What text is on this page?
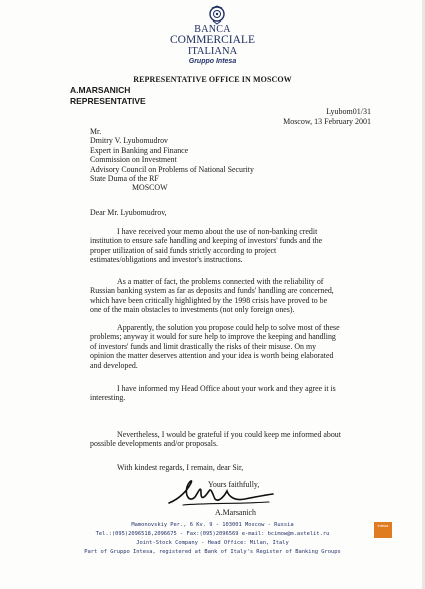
BANCA
COMMERCIALE
ITALIANA
Gruppo Intesa
REPRESENTATIVE OFFICE IN MOSCOW
A.MARSANICH
REPRESENTATIVE
Lyubom01/31
Moscow, 13 February 2001
Mr.
Dmitry V. Lyubomudrov
Expert in Banking and Finance
Commission on Investment
Advisory Council on Problems of National Security
State Duma of the RF
MOSCOW
Dear Mr. Lyubomudrov,
I have received your memo about the use of non-banking credit
institution to ensure safe handling and keeping of investors' funds and the
proper utilization of said funds strictly according to project
estimates/obligations and investor's instructions.
As a matter of fact, the problems connected with the reliability of
Russian banking system as far as deposits and funds' handling are concerned,
which have been critically highlighted by the 1998 crisis have proved to be
one of the main obstacles to investments (not only foreign ones).
Apparently, the solution you propose could help to solve most of these
problems; anyway it would for sure help to improve the keeping and handling
of investors' funds and limit drastically the risks of their misuse. On my
opinion the matter deserves attention and your idea is worth being elaborated
and developed.
I have informed my Head Office about your work and they agree it is
interesting.
Nevertheless, I would be grateful if you could keep me informed about
possible developments and/or proposals.
With kindest regards, I remain, dear Sir,
Yours faithfully,
A.Marsanich
Mamonovskiy Per., 6 Kv. 9 - 103001 Moscow - Russia
Tel.:(095)2096518,2096675 - Fax:(095)2096569 e-mail: bcimow@m.astelit.ru
Joint-Stock Company - Head Office: Milan, Italy
Part of Gruppo Intesa, registered at Bank of Italy's Register of Banking Groups
intesa
